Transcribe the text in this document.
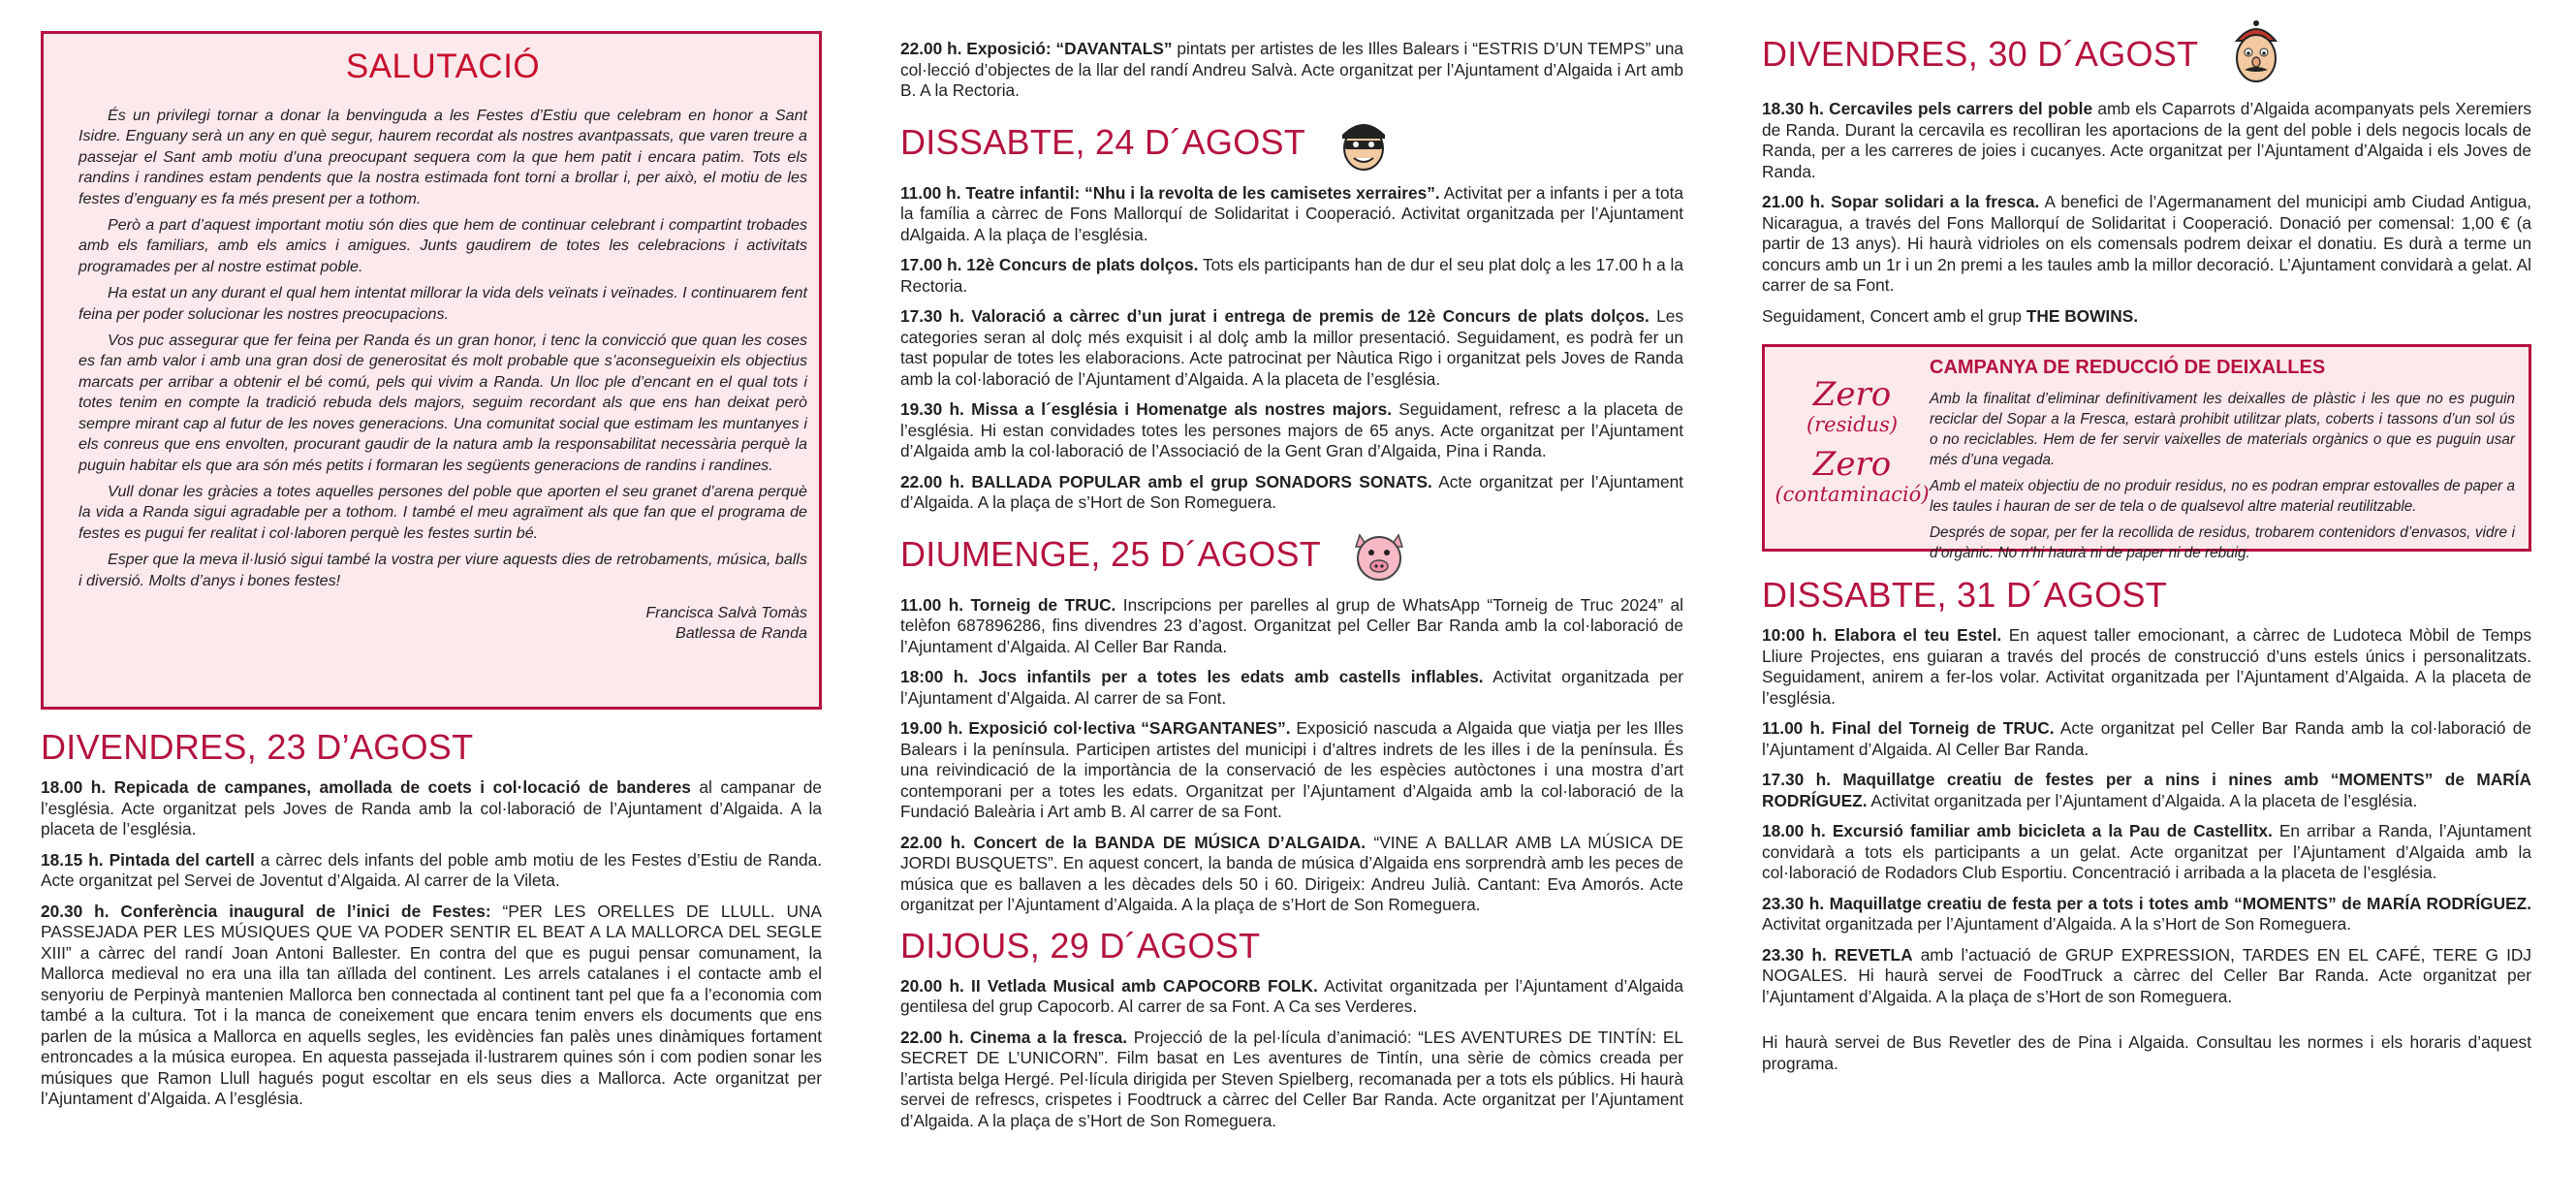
SALUTACIÓ

És un privilegi tornar a donar la benvinguda a les Festes d’Estiu que celebram en honor a Sant Isidre. Enguany serà un any en què segur, haurem recordat als nostres avantpassats, que varen treure a passejar el Sant amb motiu d’una preocupant sequera com la que hem patit i encara patim. Tots els randins i randines estam pendents que la nostra estimada font torni a brollar i, per això, el motiu de les festes d’enguany es fa més present per a tothom.

Però a part d’aquest important motiu són dies que hem de continuar celebrant i compartint trobades amb els familiars, amb els amics i amigues. Junts gaudirem de totes les celebracions i activitats programades per al nostre estimat poble.

Ha estat un any durant el qual hem intentat millorar la vida dels veïnats i veïnades. I continuarem fent feina per poder solucionar les nostres preocupacions.

Vos puc assegurar que fer feina per Randa és un gran honor, i tenc la convicció que quan les coses es fan amb valor i amb una gran dosi de generositat és molt probable que s’aconsegueixin els objectius marcats per arribar a obtenir el bé comú, pels qui vivim a Randa. Un lloc ple d’encant en el qual tots i totes tenim en compte la tradició rebuda dels majors, seguim recordant als que ens han deixat però sempre mirant cap al futur de les noves generacions. Una comunitat social que estimam les muntanyes i els conreus que ens envolten, procurant gaudir de la natura amb la responsabilitat necessària perquè la puguin habitar els que ara són més petits i formaran les següents generacions de randins i randines.

Vull donar les gràcies a totes aquelles persones del poble que aporten el seu granet d’arena perquè la vida a Randa sigui agradable per a tothom. I també el meu agraïment als que fan que el programa de festes es pugui fer realitat i col·laboren perquè les festes surtin bé.

Esper que la meva il·lusió sigui també la vostra per viure aquests dies de retrobaments, música, balls i diversió. Molts d’anys i bones festes!

Francisca Salvà Tomàs
Batlessa de Randa
DIVENDRES, 23 D’AGOST

18.00 h. Repicada de campanes, amollada de coets i col·locació de banderes al campanar de l’església. Acte organitzat pels Joves de Randa amb la col·laboració de l’Ajuntament d’Algaida. A la placeta de l’església.

18.15 h. Pintada del cartell a càrrec dels infants del poble amb motiu de les Festes d’Estiu de Randa. Acte organitzat pel Servei de Joventut d’Algaida. Al carrer de la Vileta.

20.30 h. Conferència inaugural de l’inici de Festes: “PER LES ORELLES DE LLULL. UNA PASSEJADA PER LES MÚSIQUES QUE VA PODER SENTIR EL BEAT A LA MALLORCA DEL SEGLE XIII” a càrrec del randí Joan Antoni Ballester. En contra del que es pugui pensar comunament, la Mallorca medieval no era una illa tan aïllada del continent. Les arrels catalanes i el contacte amb el senyoriu de Perpinyà mantenien Mallorca ben connectada al continent tant pel que fa a l’economia com també a la cultura. Tot i la manca de coneixement que encara tenim envers els documents que ens parlen de la música a Mallorca en aquells segles, les evidències fan palès unes dinàmiques fortament entroncades a la música europea. En aquesta passejada il·lustrarem quines són i com podien sonar les músiques que Ramon Llull hagués pogut escoltar en els seus dies a Mallorca. Acte organitzat per l’Ajuntament d’Algaida. A l’església.

22.00 h. Exposició: “DAVANTALS” pintats per artistes de les Illes Balears i “ESTRIS D’UN TEMPS” una col·lecció d’objectes de la llar del randí Andreu Salvà. Acte organitzat per l’Ajuntament d’Algaida i Art amb B. A la Rectoria.

DISSABTE, 24 D´AGOST

11.00 h. Teatre infantil: “Nhu i la revolta de les camisetes xerraires”. Activitat per a infants i per a tota la família a càrrec de Fons Mallorquí de Solidaritat i Cooperació. Activitat organitzada per l’Ajuntament dAlgaida. A la plaça de l’església.

17.00 h. 12è Concurs de plats dolços. Tots els participants han de dur el seu plat dolç a les 17.00 h a la Rectoria.

17.30 h. Valoració a càrrec d’un jurat i entrega de premis de 12è Concurs de plats dolços. Les categories seran al dolç més exquisit i al dolç amb la millor presentació. Seguidament, es podrà fer un tast popular de totes les elaboracions. Acte patrocinat per Nàutica Rigo i organitzat pels Joves de Randa amb la col·laboració de l’Ajuntament d’Algaida. A la placeta de l’església.

19.30 h. Missa a l´església i Homenatge als nostres majors. Seguidament, refresc a la placeta de l’església. Hi estan convidades totes les persones majors de 65 anys. Acte organitzat per l’Ajuntament d’Algaida amb la col·laboració de l’Associació de la Gent Gran d’Algaida, Pina i Randa.

22.00 h. BALLADA POPULAR amb el grup SONADORS SONATS. Acte organitzat per l’Ajuntament d’Algaida. A la plaça de s’Hort de Son Romeguera.

DIUMENGE, 25 D´AGOST

11.00 h. Torneig de TRUC. Inscripcions per parelles al grup de WhatsApp “Torneig de Truc 2024” al telèfon 687896286, fins divendres 23 d’agost. Organitzat pel Celler Bar Randa amb la col·laboració de l’Ajuntament d’Algaida. Al Celler Bar Randa.

18:00 h. Jocs infantils per a totes les edats amb castells inflables. Activitat organitzada per l’Ajuntament d’Algaida. Al carrer de sa Font.

19.00 h. Exposició col·lectiva “SARGANTANES”. Exposició nascuda a Algaida que viatja per les Illes Balears i la península. Participen artistes del municipi i d’altres indrets de les illes i de la península. És una reivindicació de la importància de la conservació de les espècies autòctones i una mostra d’art contemporani per a totes les edats. Organitzat per l’Ajuntament d’Algaida amb la col·laboració de la Fundació Baleària i Art amb B. Al carrer de sa Font.

22.00 h. Concert de la BANDA DE MÚSICA D’ALGAIDA. “VINE A BALLAR AMB LA MÚSICA DE JORDI BUSQUETS”. En aquest concert, la banda de música d’Algaida ens sorprendrà amb les peces de música que es ballaven a les dècades dels 50 i 60. Dirigeix: Andreu Julià. Cantant: Eva Amorós. Acte organitzat per l’Ajuntament d’Algaida. A la plaça de s’Hort de Son Romeguera.

DIJOUS, 29 D´AGOST

20.00 h. II Vetlada Musical amb CAPOCORB FOLK. Activitat organitzada per l’Ajuntament d’Algaida gentilesa del grup Capocorb. Al carrer de sa Font. A Ca ses Verderes.

22.00 h. Cinema a la fresca. Projecció de la pel·lícula d’animació: “LES AVENTURES DE TINTÍN: EL SECRET DE L’UNICORN”. Film basat en Les aventures de Tintín, una sèrie de còmics creada per l’artista belga Hergé. Pel·lícula dirigida per Steven Spielberg, recomanada per a tots els públics. Hi haurà servei de refrescs, crispetes i Foodtruck a càrrec del Celler Bar Randa. Acte organitzat per l’Ajuntament d’Algaida. A la plaça de s’Hort de Son Romeguera.

DIVENDRES, 30 D´AGOST

18.30 h. Cercaviles pels carrers del poble amb els Caparrots d’Algaida acompanyats pels Xeremiers de Randa. Durant la cercavila es recolliran les aportacions de la gent del poble i dels negocis locals de Randa, per a les carreres de joies i cucanyes. Acte organitzat per l’Ajuntament d’Algaida i els Joves de Randa.

21.00 h. Sopar solidari a la fresca. A benefici de l’Agermanament del municipi amb Ciudad Antigua, Nicaragua, a través del Fons Mallorquí de Solidaritat i Cooperació. Donació per comensal: 1,00 € (a partir de 13 anys). Hi haurà vidrioles on els comensals podrem deixar el donatiu. Es durà a terme un concurs amb un 1r i un 2n premi a les taules amb la millor decoració. L’Ajuntament convidarà a gelat. Al carrer de sa Font.

Seguidament, Concert amb el grup THE BOWINS.

Zero
(residus)
Zero
(contaminació)
CAMPANYA DE REDUCCIÓ DE DEIXALLES

Amb la finalitat d’eliminar definitivament les deixalles de plàstic i les que no es puguin reciclar del Sopar a la Fresca, estarà prohibit utilitzar plats, coberts i tassons d’un sol ús o no reciclables. Hem de fer servir vaixelles de materials orgànics o que es puguin usar més d’una vegada.

Amb el mateix objectiu de no produir residus, no es podran emprar estovalles de paper a les taules i hauran de ser de tela o de qualsevol altre material reutilitzable.

Després de sopar, per fer la recollida de residus, trobarem contenidors d’envasos, vidre i d’orgànic. No n’hi haurà ni de paper ni de rebuig.

DISSABTE, 31 D´AGOST

10:00 h. Elabora el teu Estel. En aquest taller emocionant, a càrrec de Ludoteca Mòbil de Temps Lliure Projectes, ens guiaran a través del procés de construcció d’uns estels únics i personalitzats. Seguidament, anirem a fer-los volar. Activitat organitzada per l’Ajuntament d’Algaida. A la placeta de l’església.

11.00 h. Final del Torneig de TRUC. Acte organitzat pel Celler Bar Randa amb la col·laboració de l’Ajuntament d’Algaida. Al Celler Bar Randa.

17.30 h. Maquillatge creatiu de festes per a nins i nines amb “MOMENTS” de MARÍA RODRÍGUEZ. Activitat organitzada per l’Ajuntament d’Algaida. A la placeta de l’església.

18.00 h. Excursió familiar amb bicicleta a la Pau de Castellitx. En arribar a Randa, l’Ajuntament convidarà a tots els participants a un gelat. Acte organitzat per l’Ajuntament d’Algaida amb la col·laboració de Rodadors Club Esportiu. Concentració i arribada a la placeta de l’església.

23.30 h. Maquillatge creatiu de festa per a tots i totes amb “MOMENTS” de MARÍA RODRÍGUEZ. Activitat organitzada per l’Ajuntament d’Algaida. A la s’Hort de Son Romeguera.

23.30 h. REVETLA amb l’actuació de GRUP EXPRESSION, TARDES EN EL CAFÉ, TERE G IDJ NOGALES. Hi haurà servei de FoodTruck a càrrec del Celler Bar Randa. Acte organitzat per l’Ajuntament d’Algaida. A la plaça de s’Hort de son Romeguera.

Hi haurà servei de Bus Revetler des de Pina i Algaida. Consultau les normes i els horaris d’aquest programa.
